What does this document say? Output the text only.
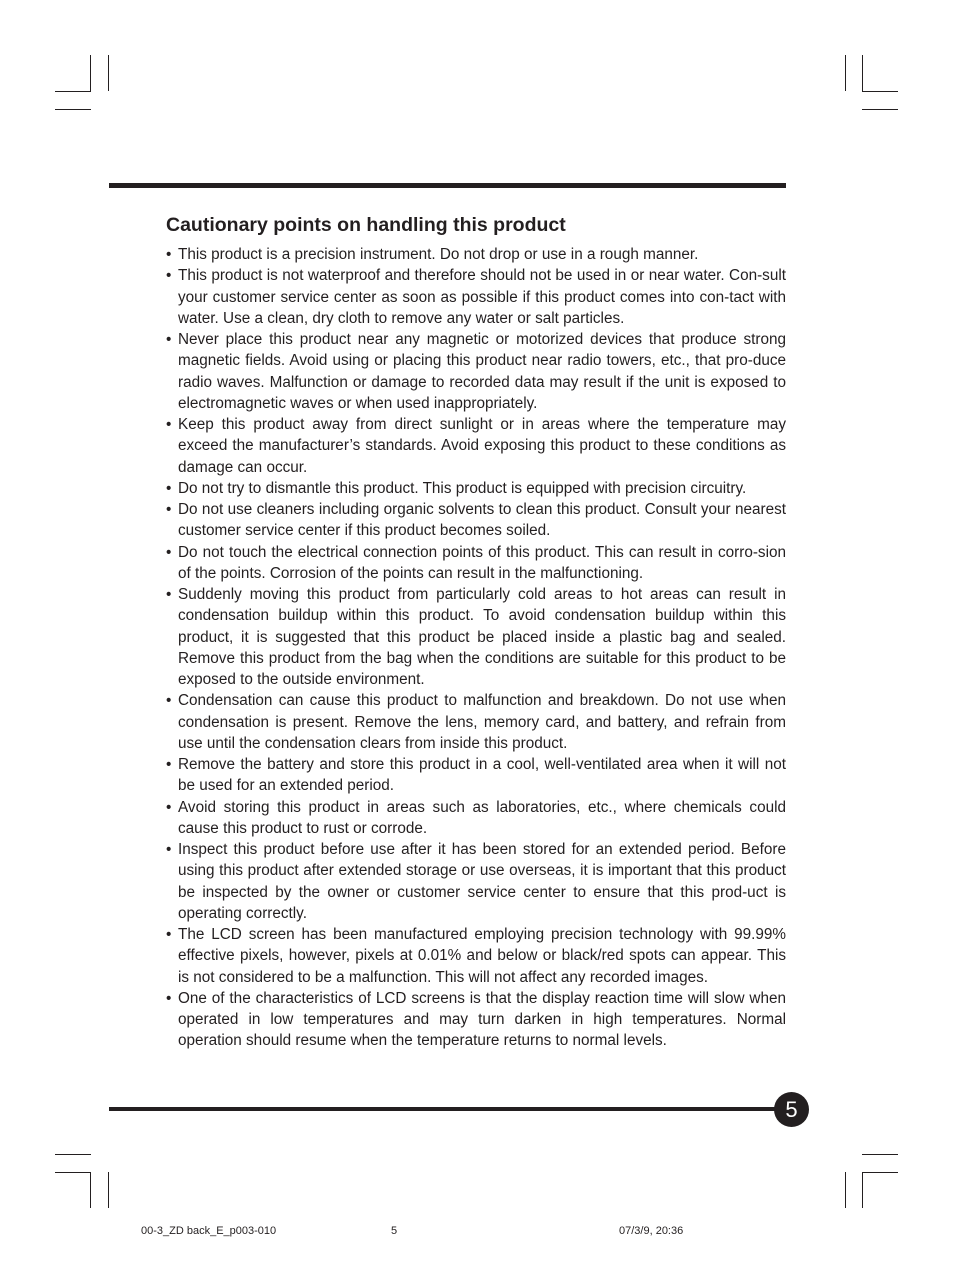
Cautionary points on handling this product
• This product is a precision instrument. Do not drop or use in a rough manner.
• This product is not waterproof and therefore should not be used in or near water. Con-sult your customer service center as soon as possible if this product comes into con-tact with water. Use a clean, dry cloth to remove any water or salt particles.
• Never place this product near any magnetic or motorized devices that produce strong magnetic fields. Avoid using or placing this product near radio towers, etc., that pro-duce radio waves. Malfunction or damage to recorded data may result if the unit is exposed to electromagnetic waves or when used inappropriately.
• Keep this product away from direct sunlight or in areas where the temperature may exceed the manufacturer’s standards. Avoid exposing this product to these conditions as damage can occur.
• Do not try to dismantle this product. This product is equipped with precision circuitry.
• Do not use cleaners including organic solvents to clean this product. Consult your nearest customer service center if this product becomes soiled.
• Do not touch the electrical connection points of this product. This can result in corro-sion of the points. Corrosion of the points can result in the malfunctioning.
• Suddenly moving this product from particularly cold areas to hot areas can result in condensation buildup within this product. To avoid condensation buildup within this product, it is suggested that this product be placed inside a plastic bag and sealed. Remove this product from the bag when the conditions are suitable for this product to be exposed to the outside environment.
• Condensation can cause this product to malfunction and breakdown. Do not use when condensation is present. Remove the lens, memory card, and battery, and refrain from use until the condensation clears from inside this product.
• Remove the battery and store this product in a cool, well-ventilated area when it will not be used for an extended period.
• Avoid storing this product in areas such as laboratories, etc., where chemicals could cause this product to rust or corrode.
• Inspect this product before use after it has been stored for an extended period. Before using this product after extended storage or use overseas, it is important that this product be inspected by the owner or customer service center to ensure that this prod-uct is operating correctly.
• The LCD screen has been manufactured employing precision technology with 99.99% effective pixels, however, pixels at 0.01% and below or black/red spots can appear. This is not considered to be a malfunction. This will not affect any recorded images.
• One of the characteristics of LCD screens is that the display reaction time will slow when operated in low temperatures and may turn darken in high temperatures. Normal operation should resume when the temperature returns to normal levels.
5
00-3_ZD back_E_p003-010	5	07/3/9, 20:36
